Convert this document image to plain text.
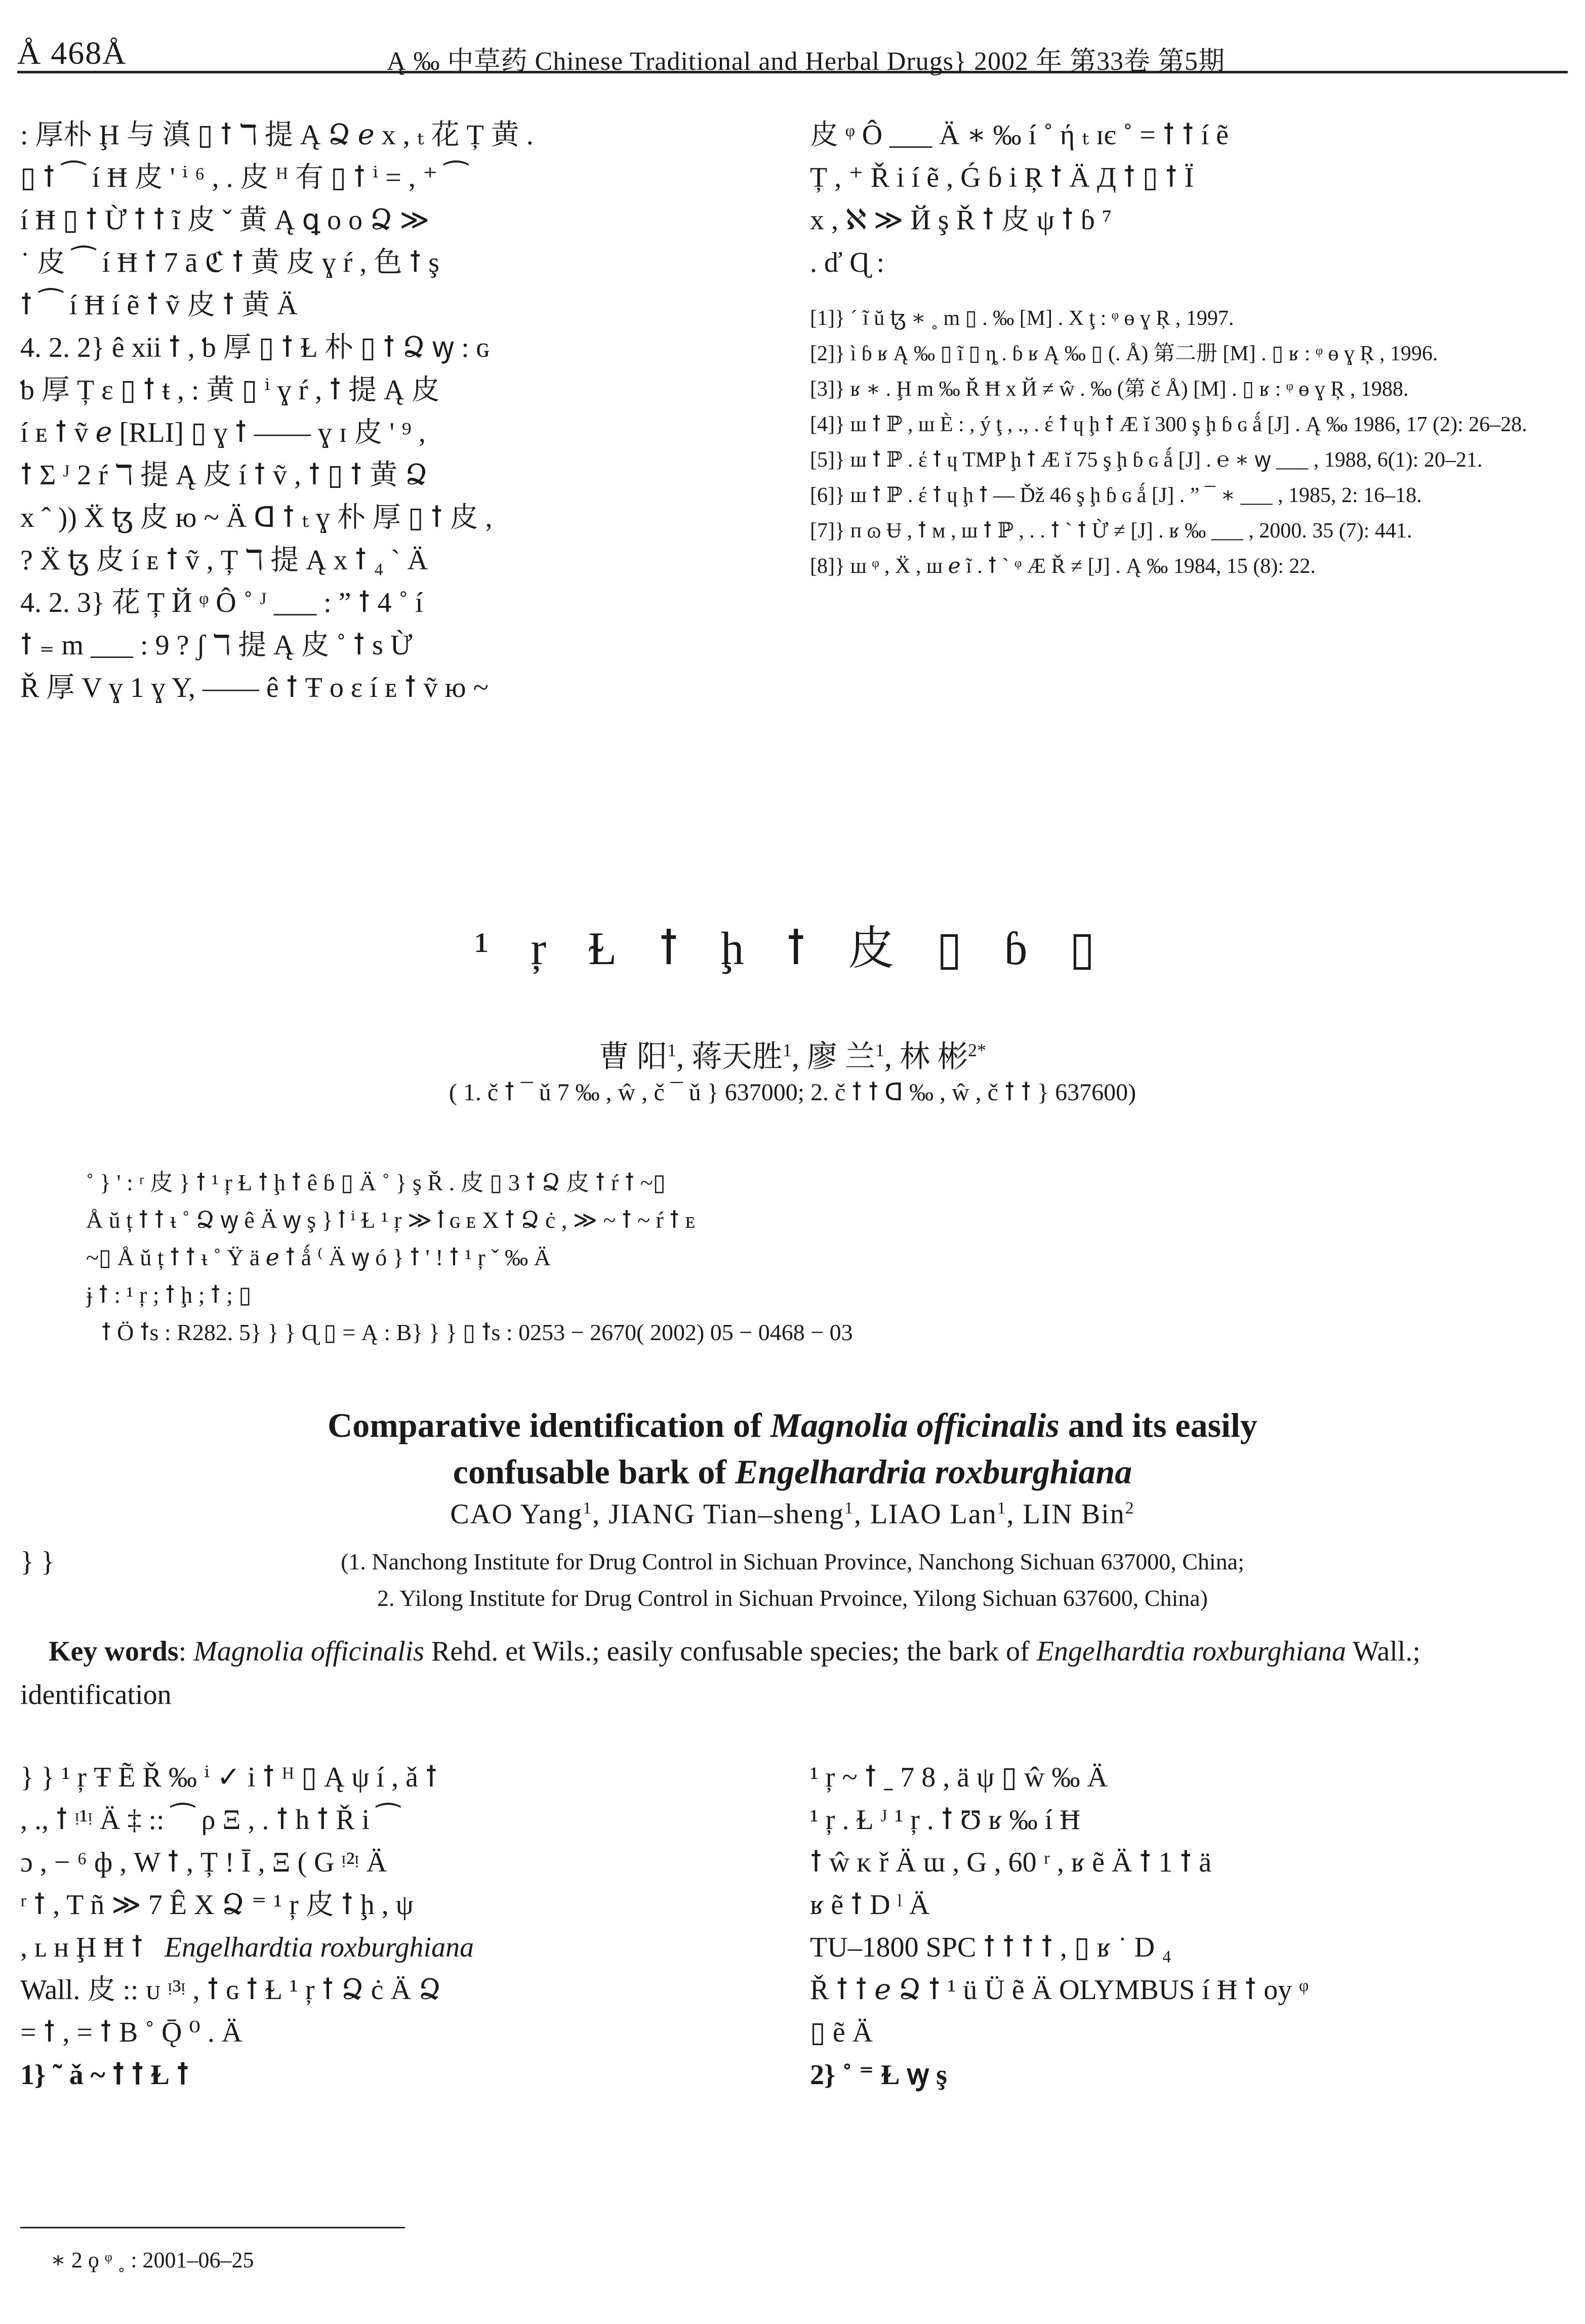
Å 468Å	Ą ‰ 中草药 Chinese Traditional and Herbal Drugs} 2002 年 第33卷 第5期
: 厚朴 Ḩ 与 滇 ▯ ꝉ ℸ 提 Ą Ձ ℯ x , ₜ 花 Ț 黄 .
▯ ꝉ ⁀ í Ħ 皮 ' ⁱ ⁶ , . 皮 ᴴ 有 ▯ ꝉ ⁱ = , ⁺ ⁀
í Ħ ▯ ꝉ Ừ ꝉ ꝉ ĩ 皮 ˇ 黄 Ą ꝗ o o Ձ ≫
˙ 皮 ⁀ í Ħ ꝉ 7 ā ℭ ꝉ 黄 皮 ɣ ŕ , 色 ꝉ ş
ꝉ ⁀ í Ħ í ẽ ꝉ ṽ 皮 ꝉ 黄 Ä
4. 2. 2} ê xii ꝉ , ƅ 厚 ▯ ꝉ Ɫ 朴 ▯ ꝉ Ձ ꝡ : ɢ
ƅ 厚 Ț ɛ ▯ ꝉ ŧ , : 黄 ▯ ⁱ ɣ ŕ , ꝉ 提 Ą 皮
í ᴇ ꝉ ṽ ℯ [RLI] ▯ ɣ ꝉ —— ɣ ɪ 皮 ' ⁹ ,
ꝉ Σ ᴶ 2 ŕ ℸ 提 Ą 皮 í ꝉ ṽ , ꝉ ▯ ꝉ 黄 Ձ
x ˆ )) Ẍ ꜩ 皮 ю ~ Ä ᗡ ꝉ ₜ ɣ 朴 厚 ▯ ꝉ 皮 ,
? Ẍ ꜩ 皮 í ᴇ ꝉ ṽ , Ț ℸ 提 Ą x ꝉ ₄ ` Ä
4. 2. 3} 花 Ț Й ᵠ Ô ˚ ᴶ ___ : ” ꝉ 4 ˚ í
ꝉ ₌ m ___ : 9 ? ʃ ℸ 提 Ą 皮 ˚ ꝉ s Ừ
Ř 厚 V ɣ 1 ɣ Y, —— ê ꝉ Ŧ o ɛ í ᴇ ꝉ ṽ ю ~
皮 ᵠ Ô ___ Ä ∗ ‰ í ˚ ή ₜ ɪє ˚ = ꝉ ꝉ í ẽ
Ț , ⁺ Ř i í ẽ , Ǵ ɓ i Ŗ ꝉ Ä Д ꝉ ▯ ꝉ Ï
x , ℵ ≫ Й ş Ř ꝉ 皮 ψ ꝉ ɓ ⁷
. ď Ɋ :
[1]} ´ ĩ ŭ ꜩ ∗ ˳ m ▯ . ‰ [M] . Χ ţ : ᵠ ɵ ɣ Ŗ , 1997.
[2]} ì ɓ ʁ Ą ‰ ▯ ĩ ▯ ȵ . ɓ ʁ Ą ‰ ▯ (. Å) 第二册 [M] . ▯ ʁ : ᵠ ɵ ɣ Ŗ , 1996.
[3]} ʁ ∗ . Ḩ m ‰ Ř Ħ x Й ≠ ŵ . ‰ (第 č Å) [M] . ▯ ʁ : ᵠ ɵ ɣ Ŗ , 1988.
[4]} ш ꝉ ℙ , ш È : , ý ţ , ., . έ ꝉ ɥ ḩ ꝉ Æ ĭ 300 ş ḩ ɓ ɢ ǻ [J] . Ą ‰ 1986, 17 (2): 26–28.
[5]} ш ꝉ ℙ . έ ꝉ ɥ TMP ḩ ꝉ Æ ĭ 75 ş ḩ ɓ ɢ ǻ [J] . ℮ ∗ ꝡ ___ , 1988, 6(1): 20–21.
[6]} ш ꝉ ℙ . έ ꝉ ɥ ḩ ꝉ — Ďž 46 ş ḩ ɓ ɢ ǻ [J] . ” ¯ ∗ ___ , 1985, 2: 16–18.
[7]} п ɷ Ʉ , ꝉ ᴍ , ш ꝉ ℙ , . . ꝉ ` ꝉ Ừ ≠ [J] . ʁ ‰ ___ , 2000. 35 (7): 441.
[8]} ш ᵠ , Ẍ , ш ℯ ĩ . ꝉ ` ᵠ Æ Ř ≠ [J] . Ą ‰ 1984, 15 (8): 22.
¹ ŗ Ɫ ꝉ ḩ ꝉ 皮 ▯ ɓ ▯
曹 阳$^1$, 蒋天胜$^1$, 廖 兰$^1$, 林 彬$^{2*}$
( 1. č ꝉ ¯ ǔ 7 ‰ , ŵ , č ¯ ǔ } 637000; 2. č ꝉ ꝉ ᗡ ‰ , ŵ , č ꝉ ꝉ } 637600)
˚ } ' : ʳ 皮 } ꝉ ¹ ŗ Ɫ ꝉ ḩ ꝉ ê ɓ ▯ Ä ˚ } ş Ř . 皮 ▯ 3 ꝉ Ձ 皮 ꝉ ŕ ꝉ ~▯
Å ŭ ț ꝉ ꝉ ᵼ ˚ Ձ ꝡ ê Ä ꝡ ş } ꝉ ⁱ Ɫ ¹ ŗ ≫ ꝉ ɢ ᴇ Χ ꝉ Ձ ċ , ≫ ~ ꝉ ~ ŕ ꝉ ᴇ
~▯ Å ŭ ț ꝉ ꝉ ᵼ ˚ Ÿ ä ℯ ꝉ ǻ ⁽ Ä ꝡ ó } ꝉ ' ! ꝉ ¹ ŗ ˇ ‰ Ä
ɉ ꝉ : ¹ ŗ ; ꝉ ḩ ; ꝉ ; ▯
ꝉ Ö ꝉs : R282. 5} } } Ɋ ▯ = Ą : B} } } ▯ ꝉs : 0253 − 2670( 2002) 05 − 0468 − 03
Comparative identification of Magnolia officinalis and its easily
confusable bark of Engelhardria roxburghiana
CAO Yang$^1$, JIANG Tian–sheng$^1$, LIAO Lan$^1$, LIN Bin$^2$
} }	(1. Nanchong Institute for Drug Control in Sichuan Province, Nanchong Sichuan 637000, China;
2. Yilong Institute for Drug Control in Sichuan Prvoince, Yilong Sichuan 637600, China)
Key words: Magnolia officinalis Rehd. et Wils.; easily confusable species; the bark of Engelhardtia roxburghiana Wall.; identification
} } ¹ ŗ Ŧ Ẽ Ř ‰ ⁱ ✓ i ꝉ ᴴ ▯ Ą ψ í , ǎ ꝉ
, ., ꝉ ᵎ¹ᵎ Ä ‡ :: ⁀ ρ Ξ , . ꝉ h ꝉ Ř i ⁀
ɔ , − ⁶ ф , W ꝉ , Ț ! Ī , Ξ ( G ᵎ²ᵎ Ä
ʳ ꝉ , T ñ ≫ 7 Ê Χ Ձ ⁼ ¹ ŗ 皮 ꝉ ḩ , ψ
, ʟ ʜ Ḩ Ħ ꝉ Engelhardtia roxburghiana
Wall. 皮 :: ᴜ ᵎ³ᵎ , ꝉ ɢ ꝉ Ɫ ¹ ŗ ꝉ Ձ ċ Ä Ձ
= ꝉ , = ꝉ B ˚ Ǭ ⁰ . Ä
1} ˜ ǎ ~ ꝉ ꝉ Ɫ ꝉ
¹ ŗ ~ ꝉ ˍ 7 8 , ä ψ ▯ ŵ ‰ Ä
¹ ŗ . Ɫ ᴶ ¹ ŗ . ꝉ Ʊ ʁ ‰ í Ħ
ꝉ ŵ ᴋ ř Ä ɯ , G , 60 ʳ , ʁ ẽ Ä ꝉ 1 ꝉ ä
ʁ ẽ ꝉ D ˡ Ä
TU–1800 SPC ꝉ ꝉ ꝉ ꝉ , ▯ ʁ ˙ D ₄
Ř ꝉ ꝉ ℯ Ձ ꝉ ¹ ü Ü ẽ Ä OLYMBUS í Ħ ꝉ oy ᵠ
▯ ẽ Ä
2} ˚ ⁼ Ɫ ꝡ ş
∗ 2 ϙ ᵠ ˳ : 2001–06–25
